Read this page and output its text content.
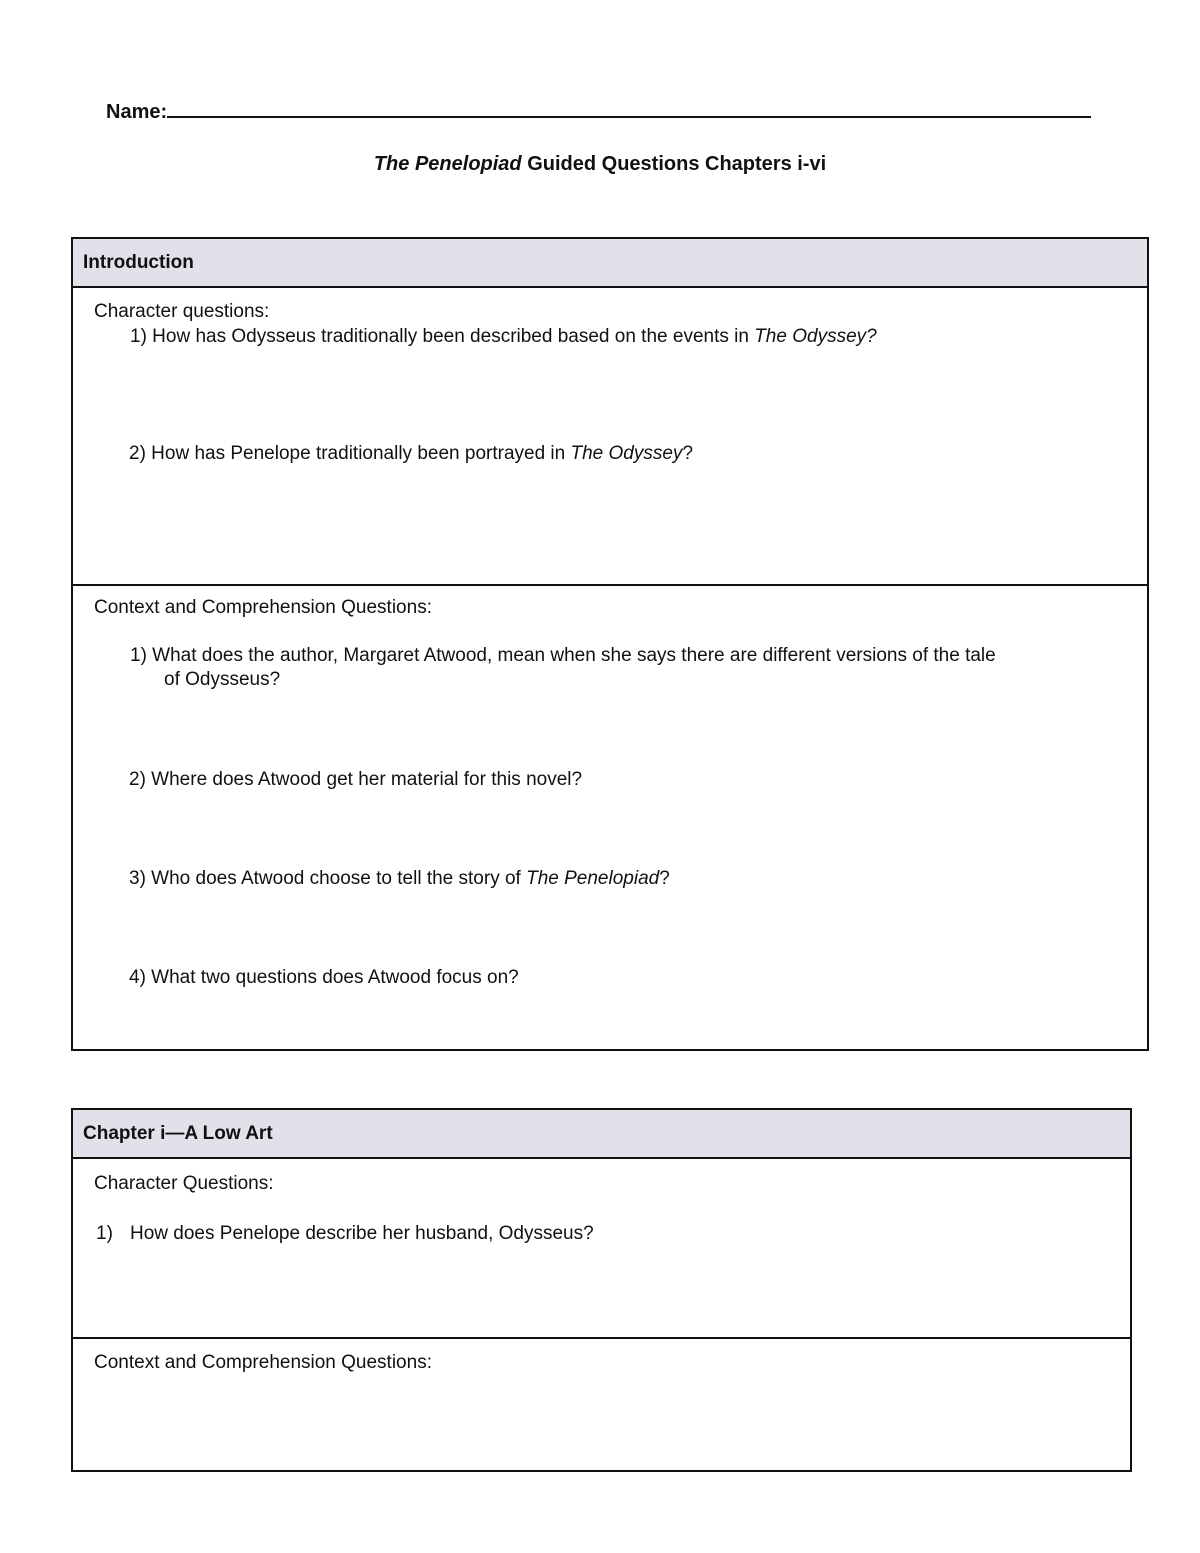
Name:
The Penelopiad Guided Questions Chapters i-vi
Introduction
Character questions:
1) How has Odysseus traditionally been described based on the events in The Odyssey?
2) How has Penelope traditionally been portrayed in The Odyssey?
Context and Comprehension Questions:
1) What does the author, Margaret Atwood, mean when she says there are different versions of the tale
of Odysseus?
2) Where does Atwood get her material for this novel?
3) Who does Atwood choose to tell the story of The Penelopiad?
4) What two questions does Atwood focus on?
Chapter i—A Low Art
Character Questions:
1) How does Penelope describe her husband, Odysseus?
Context and Comprehension Questions:
